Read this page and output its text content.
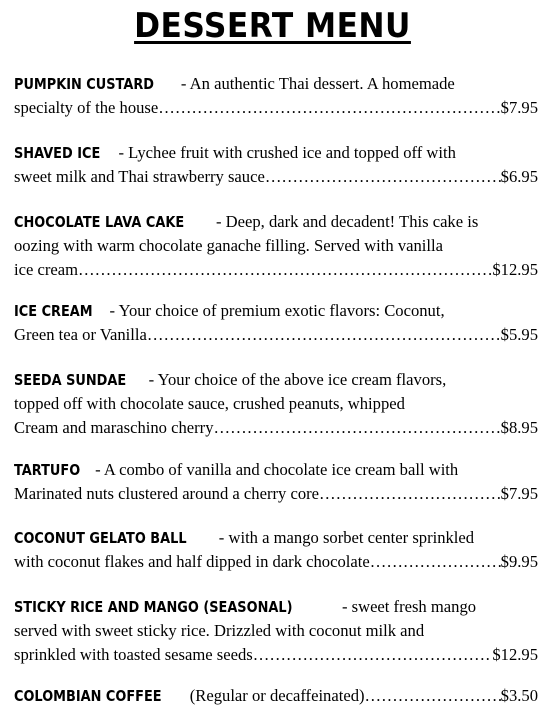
DESSERT MENU
PUMPKIN CUSTARD - An authentic Thai dessert. A homemade
specialty of the house ……………………………………………………………………………………………………………………………………	$7.95
SHAVED ICE - Lychee fruit with crushed ice and topped off with
sweet milk and Thai strawberry sauce ……………………………………………………………………………………………………………………………………	$6.95
CHOCOLATE LAVA CAKE - Deep, dark and decadent! This cake is
oozing with warm chocolate ganache filling. Served with vanilla
ice cream ……………………………………………………………………………………………………………………………………	$12.95
ICE CREAM - Your choice of premium exotic flavors: Coconut,
Green tea or Vanilla ……………………………………………………………………………………………………………………………………	$5.95
SEEDA SUNDAE - Your choice of the above ice cream flavors,
topped off with chocolate sauce, crushed peanuts, whipped
Cream and maraschino cherry ……………………………………………………………………………………………………………………………………	$8.95
TARTUFO - A combo of vanilla and chocolate ice cream ball with
Marinated nuts clustered around a cherry core ……………………………………………………………………………………………………………………………………	$7.95
COCONUT GELATO BALL - with a mango sorbet center sprinkled
with coconut flakes and half dipped in dark chocolate ……………………………………………………………………………………………………………………………………	$9.95
STICKY RICE AND MANGO (SEASONAL)	- sweet fresh mango
served with sweet sticky rice. Drizzled with coconut milk and
sprinkled with toasted sesame seeds ……………………………………………………………………………………………………………………………………	$12.95
COLOMBIAN COFFEE (Regular or decaffeinated) ……………………………………………………………………………………………………………………………………	$3.50
